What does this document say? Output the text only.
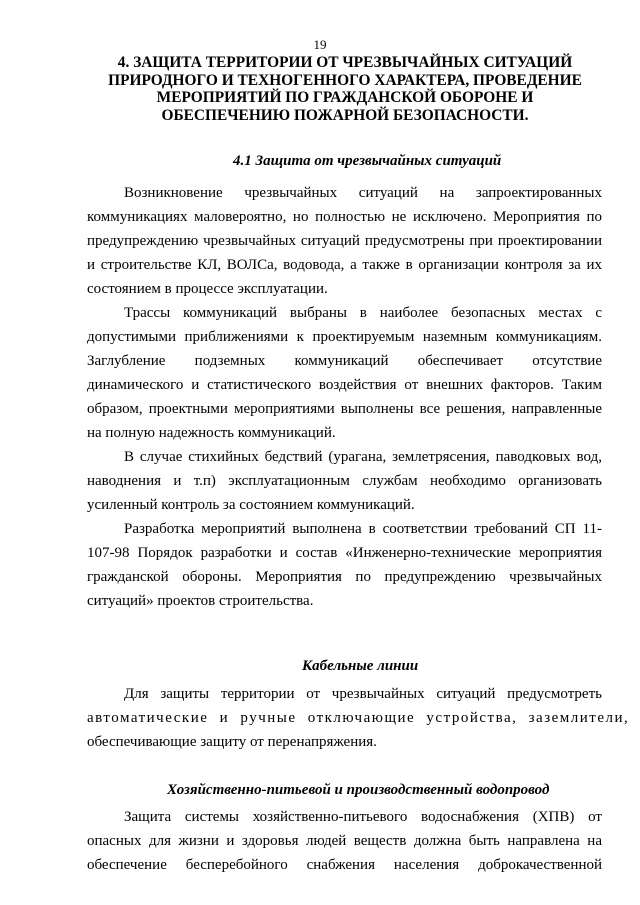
19
4. ЗАЩИТА ТЕРРИТОРИИ ОТ ЧРЕЗВЫЧАЙНЫХ СИТУАЦИЙ
ПРИРОДНОГО И ТЕХНОГЕННОГО ХАРАКТЕРА, ПРОВЕДЕНИЕ
МЕРОПРИЯТИЙ ПО ГРАЖДАНСКОЙ ОБОРОНЕ И
ОБЕСПЕЧЕНИЮ ПОЖАРНОЙ БЕЗОПАСНОСТИ.
4.1 Защита от чрезвычайных ситуаций
Возникновение чрезвычайных ситуаций на запроектированных
коммуникациях маловероятно, но полностью не исключено. Мероприятия по
предупреждению чрезвычайных ситуаций предусмотрены при проектировании
и строительстве КЛ, ВОЛСа, водовода, а также в организации контроля за их
состоянием в процессе эксплуатации.
Трассы коммуникаций выбраны в наиболее безопасных местах с
допустимыми приближениями к проектируемым наземным коммуникациям.
Заглубление подземных коммуникаций обеспечивает отсутствие
динамического и статистического воздействия от внешних факторов. Таким
образом, проектными мероприятиями выполнены все решения, направленные
на полную надежность коммуникаций.
В случае стихийных бедствий (урагана, землетрясения, паводковых вод,
наводнения и т.п) эксплуатационным службам необходимо организовать
усиленный контроль за состоянием коммуникаций.
Разработка мероприятий выполнена в соответствии требований СП 11-
107-98 Порядок разработки и состав «Инженерно-технические мероприятия
гражданской обороны. Мероприятия по предупреждению чрезвычайных
ситуаций» проектов строительства.
Кабельные линии
Для защиты территории от чрезвычайных ситуаций предусмотреть
автоматические и ручные отключающие устройства, заземлители,
обеспечивающие защиту от перенапряжения.
Хозяйственно-питьевой и производственный водопровод
Защита системы хозяйственно-питьевого водоснабжения (ХПВ) от
опасных для жизни и здоровья людей веществ должна быть направлена на
обеспечение бесперебойного снабжения населения доброкачественной
